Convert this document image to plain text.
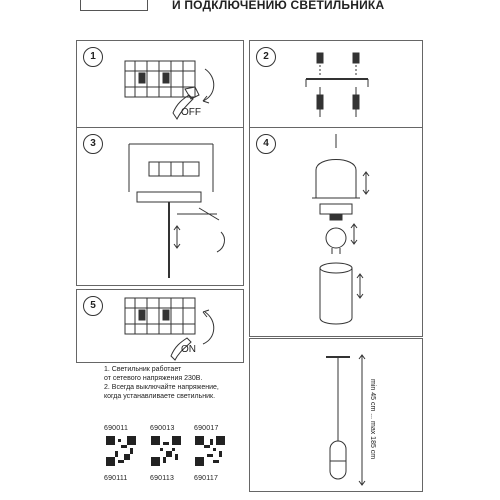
И ПОДКЛЮЧЕНИЮ СВЕТИЛЬНИКА
1
OFF
2
3	4
5
ON
min 45 cm ... max 185 cm

1. Светильник работает

от сетевого напряжения 230В.

2. Всегда выключайте напряжение,

когда устанавливаете светильник.

690011	690013	690017
690111	690113	690117
